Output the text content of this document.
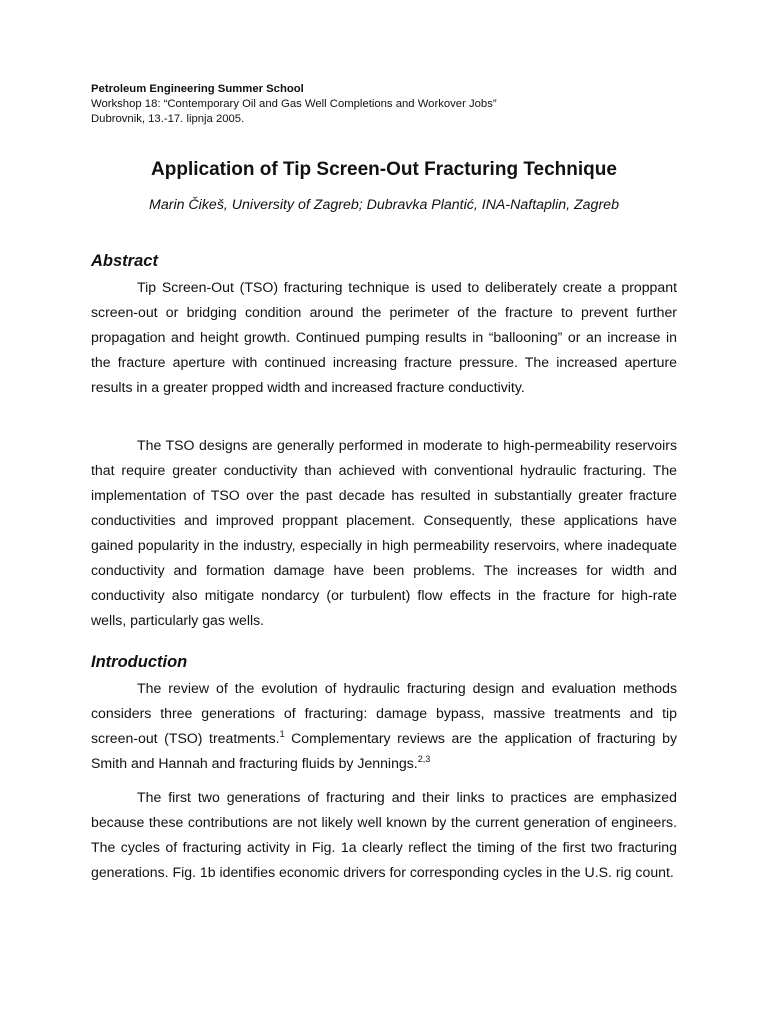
Petroleum Engineering Summer School
Workshop 18: “Contemporary Oil and Gas Well Completions and Workover Jobs”
Dubrovnik, 13.-17. lipnja 2005.
Application of Tip Screen-Out Fracturing Technique
Marin Čikeš, University of Zagreb; Dubravka Plantić, INA-Naftaplin, Zagreb
Abstract

Tip Screen-Out (TSO) fracturing technique is used to deliberately create a proppant screen-out or bridging condition around the perimeter of the fracture to prevent further propagation and height growth. Continued pumping results in “ballooning” or an increase in the fracture aperture with continued increasing fracture pressure. The increased aperture results in a greater propped width and increased fracture conductivity.

The TSO designs are generally performed in moderate to high-permeability reservoirs that require greater conductivity than achieved with conventional hydraulic fracturing. The implementation of TSO over the past decade has resulted in substantially greater fracture conductivities and improved proppant placement. Consequently, these applications have gained popularity in the industry, especially in high permeability reservoirs, where inadequate conductivity and formation damage have been problems. The increases for width and conductivity also mitigate nondarcy (or turbulent) flow effects in the fracture for high-rate wells, particularly gas wells.

Introduction

The review of the evolution of hydraulic fracturing design and evaluation methods considers three generations of fracturing: damage bypass, massive treatments and tip screen-out (TSO) treatments.$^1$ Complementary reviews are the application of fracturing by Smith and Hannah and fracturing fluids by Jennings.$^{2,3}$

The first two generations of fracturing and their links to practices are emphasized because these contributions are not likely well known by the current generation of engineers. The cycles of fracturing activity in Fig. 1a clearly reflect the timing of the first two fracturing generations. Fig. 1b identifies economic drivers for corresponding cycles in the U.S. rig count.
